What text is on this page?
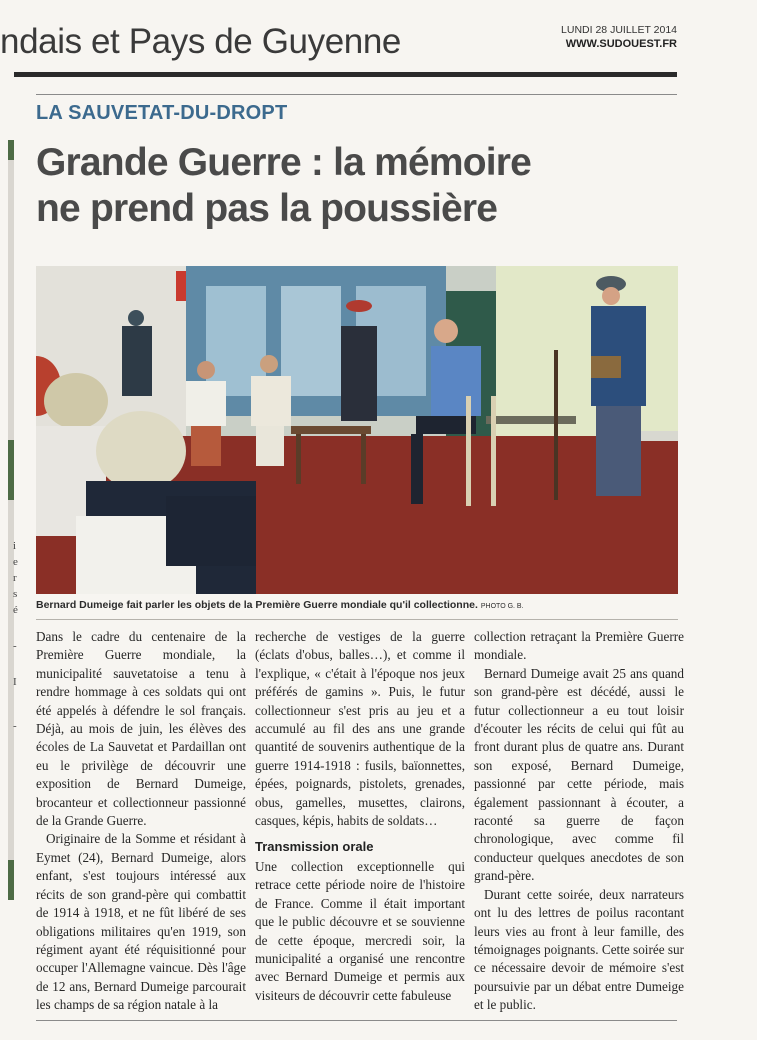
ndais et Pays de Guyenne	LUNDI 28 JUILLET 2014
WWW.SUDOUEST.FR
i
e
r
s
é
-
I
-
LA SAUVETAT-DU-DROPT
Grande Guerre : la mémoire
ne prend pas la poussière
Bernard Dumeige fait parler les objets de la Première Guerre mondiale qu'il collectionne. PHOTO G. B.

Dans le cadre du centenaire de la Première Guerre mondiale, la municipalité sauvetatoise a tenu à rendre hommage à ces soldats qui ont été appelés à défendre le sol français. Déjà, au mois de juin, les élèves des écoles de La Sauvetat et Pardaillan ont eu le privilège de découvrir une exposition de Bernard Dumeige, brocanteur et collectionneur passionné de la Grande Guerre.

Originaire de la Somme et résidant à Eymet (24), Bernard Dumeige, alors enfant, s'est toujours intéressé aux récits de son grand-père qui combattit de 1914 à 1918, et ne fût libéré de ses obligations militaires qu'en 1919, son régiment ayant été réquisitionné pour occuper l'Allemagne vaincue. Dès l'âge de 12 ans, Bernard Dumeige parcourait les champs de sa région natale à la

recherche de vestiges de la guerre (éclats d'obus, balles…), et comme il l'explique, « c'était à l'époque nos jeux préférés de gamins ». Puis, le futur collectionneur s'est pris au jeu et a accumulé au fil des ans une grande quantité de souvenirs authentique de la guerre 1914-1918 : fusils, baïonnettes, épées, poignards, pistolets, grenades, obus, gamelles, musettes, clairons, casques, képis, habits de soldats…

Transmission orale

Une collection exceptionnelle qui retrace cette période noire de l'histoire de France. Comme il était important que le public découvre et se souvienne de cette époque, mercredi soir, la municipalité a organisé une rencontre avec Bernard Dumeige et permis aux visiteurs de découvrir cette fabuleuse

collection retraçant la Première Guerre mondiale.

Bernard Dumeige avait 25 ans quand son grand-père est décédé, aussi le futur collectionneur a eu tout loisir d'écouter les récits de celui qui fût au front durant plus de quatre ans. Durant son exposé, Bernard Dumeige, passionné par cette période, mais également passionnant à écouter, a raconté sa guerre de façon chronologique, avec comme fil conducteur quelques anecdotes de son grand-père.

Durant cette soirée, deux narrateurs ont lu des lettres de poilus racontant leurs vies au front à leur famille, des témoignages poignants. Cette soirée sur ce nécessaire devoir de mémoire s'est poursuivie par un débat entre Dumeige et le public.
